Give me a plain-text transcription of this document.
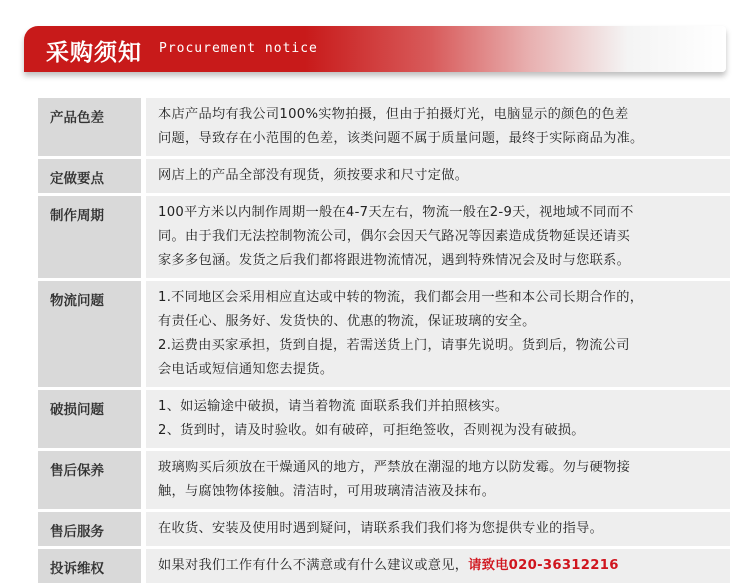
采购须知 Procurement notice
产品色差	本店产品均有我公司100%实物拍摄，但由于拍摄灯光，电脑显示的颜色的色差

问题，导致存在小范围的色差，该类问题不属于质量问题，最终于实际商品为准。

定做要点	网店上的产品全部没有现货，须按要求和尺寸定做。

制作周期	100平方米以内制作周期一般在4-7天左右，物流一般在2-9天，视地域不同而不

同。由于我们无法控制物流公司，偶尔会因天气路况等因素造成货物延误还请买

家多多包涵。发货之后我们都将跟进物流情况，遇到特殊情况会及时与您联系。

物流问题	1.不同地区会采用相应直达或中转的物流，我们都会用一些和本公司长期合作的，

有责任心、服务好、发货快的、优惠的物流，保证玻璃的安全。

2.运费由买家承担，货到自提，若需送货上门，请事先说明。货到后，物流公司

会电话或短信通知您去提货。

破损问题	1、如运输途中破损，请当着物流 面联系我们并拍照核实。

2、货到时，请及时验收。如有破碎，可拒绝签收，否则视为没有破损。

售后保养	玻璃购买后须放在干燥通风的地方，严禁放在潮湿的地方以防发霉。勿与硬物接

触，与腐蚀物体接触。清洁时，可用玻璃清洁液及抹布。

售后服务	在收货、安装及使用时遇到疑问，请联系我们我们将为您提供专业的指导。

投诉维权	如果对我们工作有什么不满意或有什么建议或意见，请致电020-36312216
